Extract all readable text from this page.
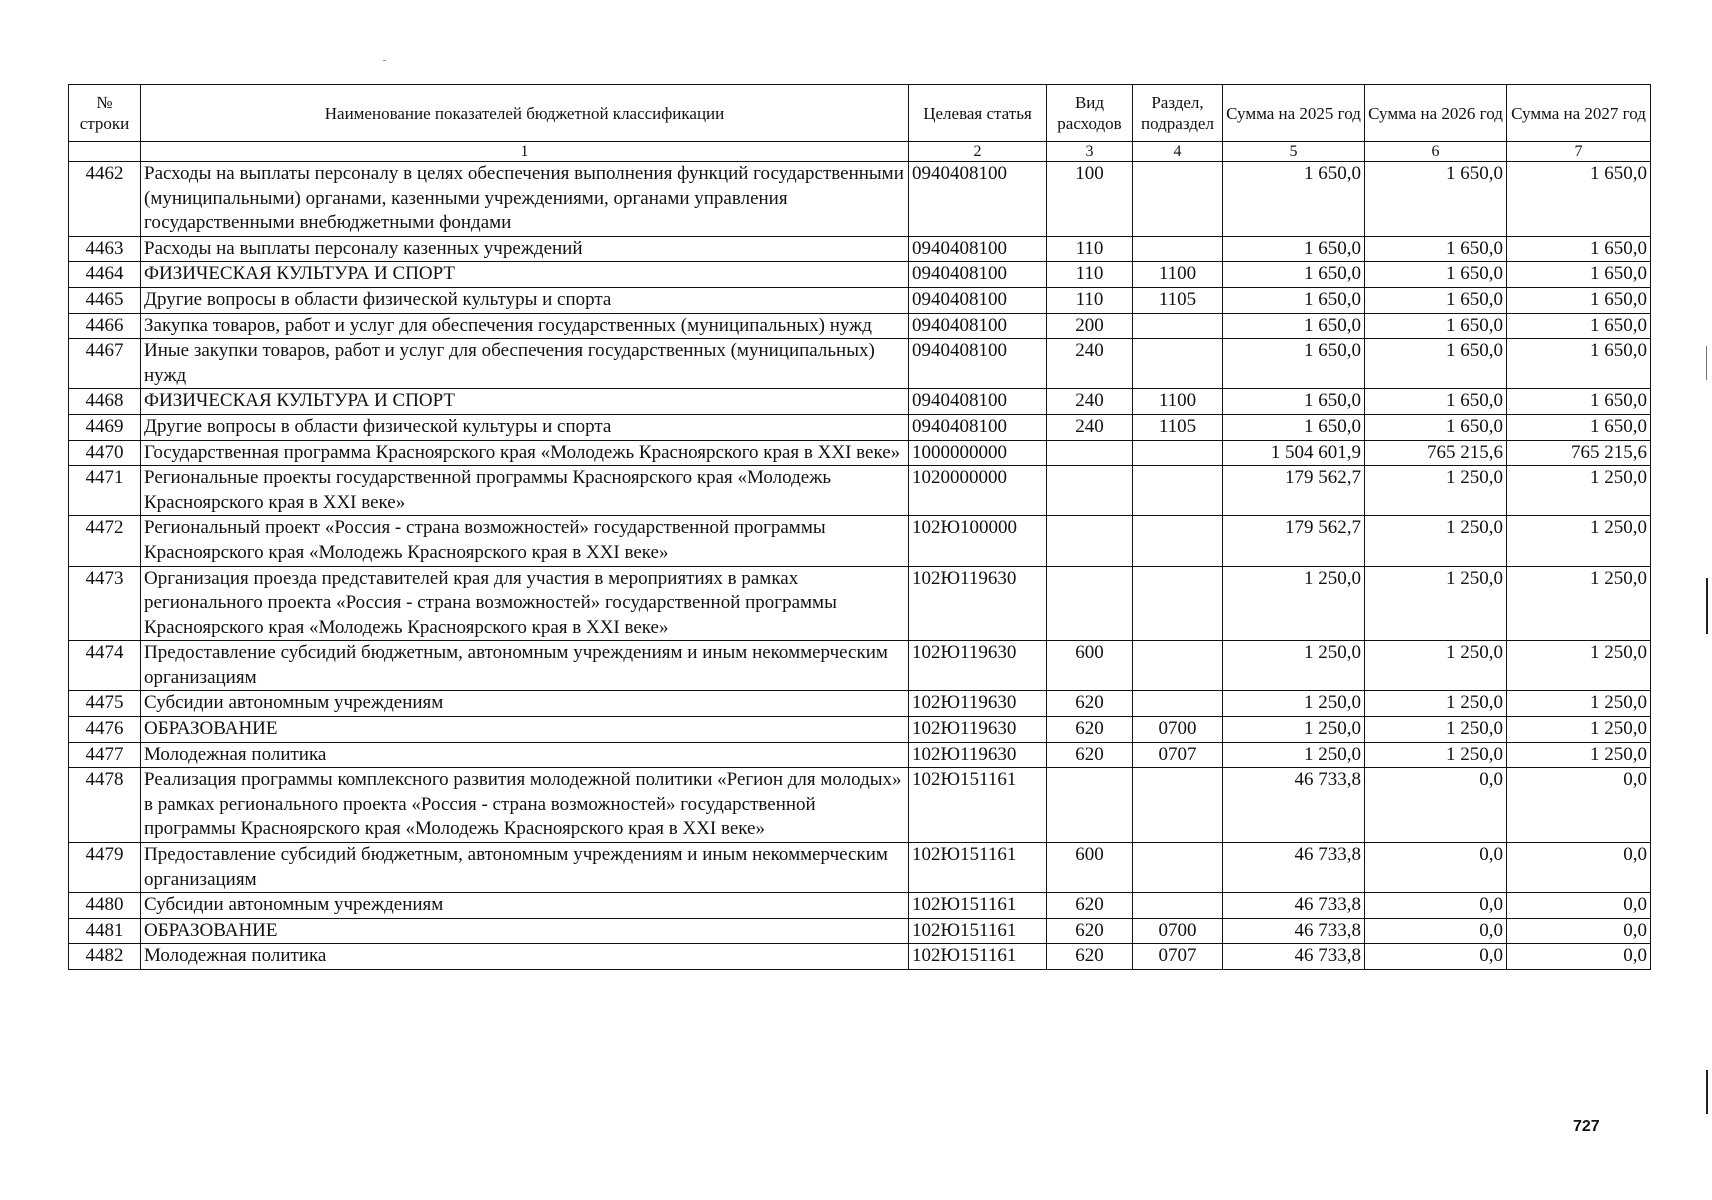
№ строки	Наименование показателей бюджетной классификации	Целевая статья	Вид расходов	Раздел, подраздел	Сумма на 2025 год	Сумма на 2026 год	Сумма на 2027 год
	1	2	3	4	5	6	7
4462	Расходы на выплаты персоналу в целях обеспечения выполнения функций государственными (муниципальными) органами, казенными учреждениями, органами управления государственными внебюджетными фондами	0940408100	100		1 650,0	1 650,0	1 650,0
4463	Расходы на выплаты персоналу казенных учреждений	0940408100	110		1 650,0	1 650,0	1 650,0
4464	ФИЗИЧЕСКАЯ КУЛЬТУРА И СПОРТ	0940408100	110	1100	1 650,0	1 650,0	1 650,0
4465	Другие вопросы в области физической культуры и спорта	0940408100	110	1105	1 650,0	1 650,0	1 650,0
4466	Закупка товаров, работ и услуг для обеспечения государственных (муниципальных) нужд	0940408100	200		1 650,0	1 650,0	1 650,0
4467	Иные закупки товаров, работ и услуг для обеспечения государственных (муниципальных) нужд	0940408100	240		1 650,0	1 650,0	1 650,0
4468	ФИЗИЧЕСКАЯ КУЛЬТУРА И СПОРТ	0940408100	240	1100	1 650,0	1 650,0	1 650,0
4469	Другие вопросы в области физической культуры и спорта	0940408100	240	1105	1 650,0	1 650,0	1 650,0
4470	Государственная программа Красноярского края «Молодежь Красноярского края в XXI веке»	1000000000			1 504 601,9	765 215,6	765 215,6
4471	Региональные проекты государственной программы Красноярского края «Молодежь Красноярского края в XXI веке»	1020000000			179 562,7	1 250,0	1 250,0
4472	Региональный проект «Россия - страна возможностей» государственной программы Красноярского края «Молодежь Красноярского края в XXI веке»	102Ю100000			179 562,7	1 250,0	1 250,0
4473	Организация проезда представителей края для участия в мероприятиях в рамках регионального проекта «Россия - страна возможностей» государственной программы Красноярского края «Молодежь Красноярского края в XXI веке»	102Ю119630			1 250,0	1 250,0	1 250,0
4474	Предоставление субсидий бюджетным, автономным учреждениям и иным некоммерческим организациям	102Ю119630	600		1 250,0	1 250,0	1 250,0
4475	Субсидии автономным учреждениям	102Ю119630	620		1 250,0	1 250,0	1 250,0
4476	ОБРАЗОВАНИЕ	102Ю119630	620	0700	1 250,0	1 250,0	1 250,0
4477	Молодежная политика	102Ю119630	620	0707	1 250,0	1 250,0	1 250,0
4478	Реализация программы комплексного развития молодежной политики «Регион для молодых» в рамках регионального проекта «Россия - страна возможностей» государственной программы Красноярского края «Молодежь Красноярского края в XXI веке»	102Ю151161			46 733,8	0,0	0,0
4479	Предоставление субсидий бюджетным, автономным учреждениям и иным некоммерческим организациям	102Ю151161	600		46 733,8	0,0	0,0
4480	Субсидии автономным учреждениям	102Ю151161	620		46 733,8	0,0	0,0
4481	ОБРАЗОВАНИЕ	102Ю151161	620	0700	46 733,8	0,0	0,0
4482	Молодежная политика	102Ю151161	620	0707	46 733,8	0,0	0,0
727
